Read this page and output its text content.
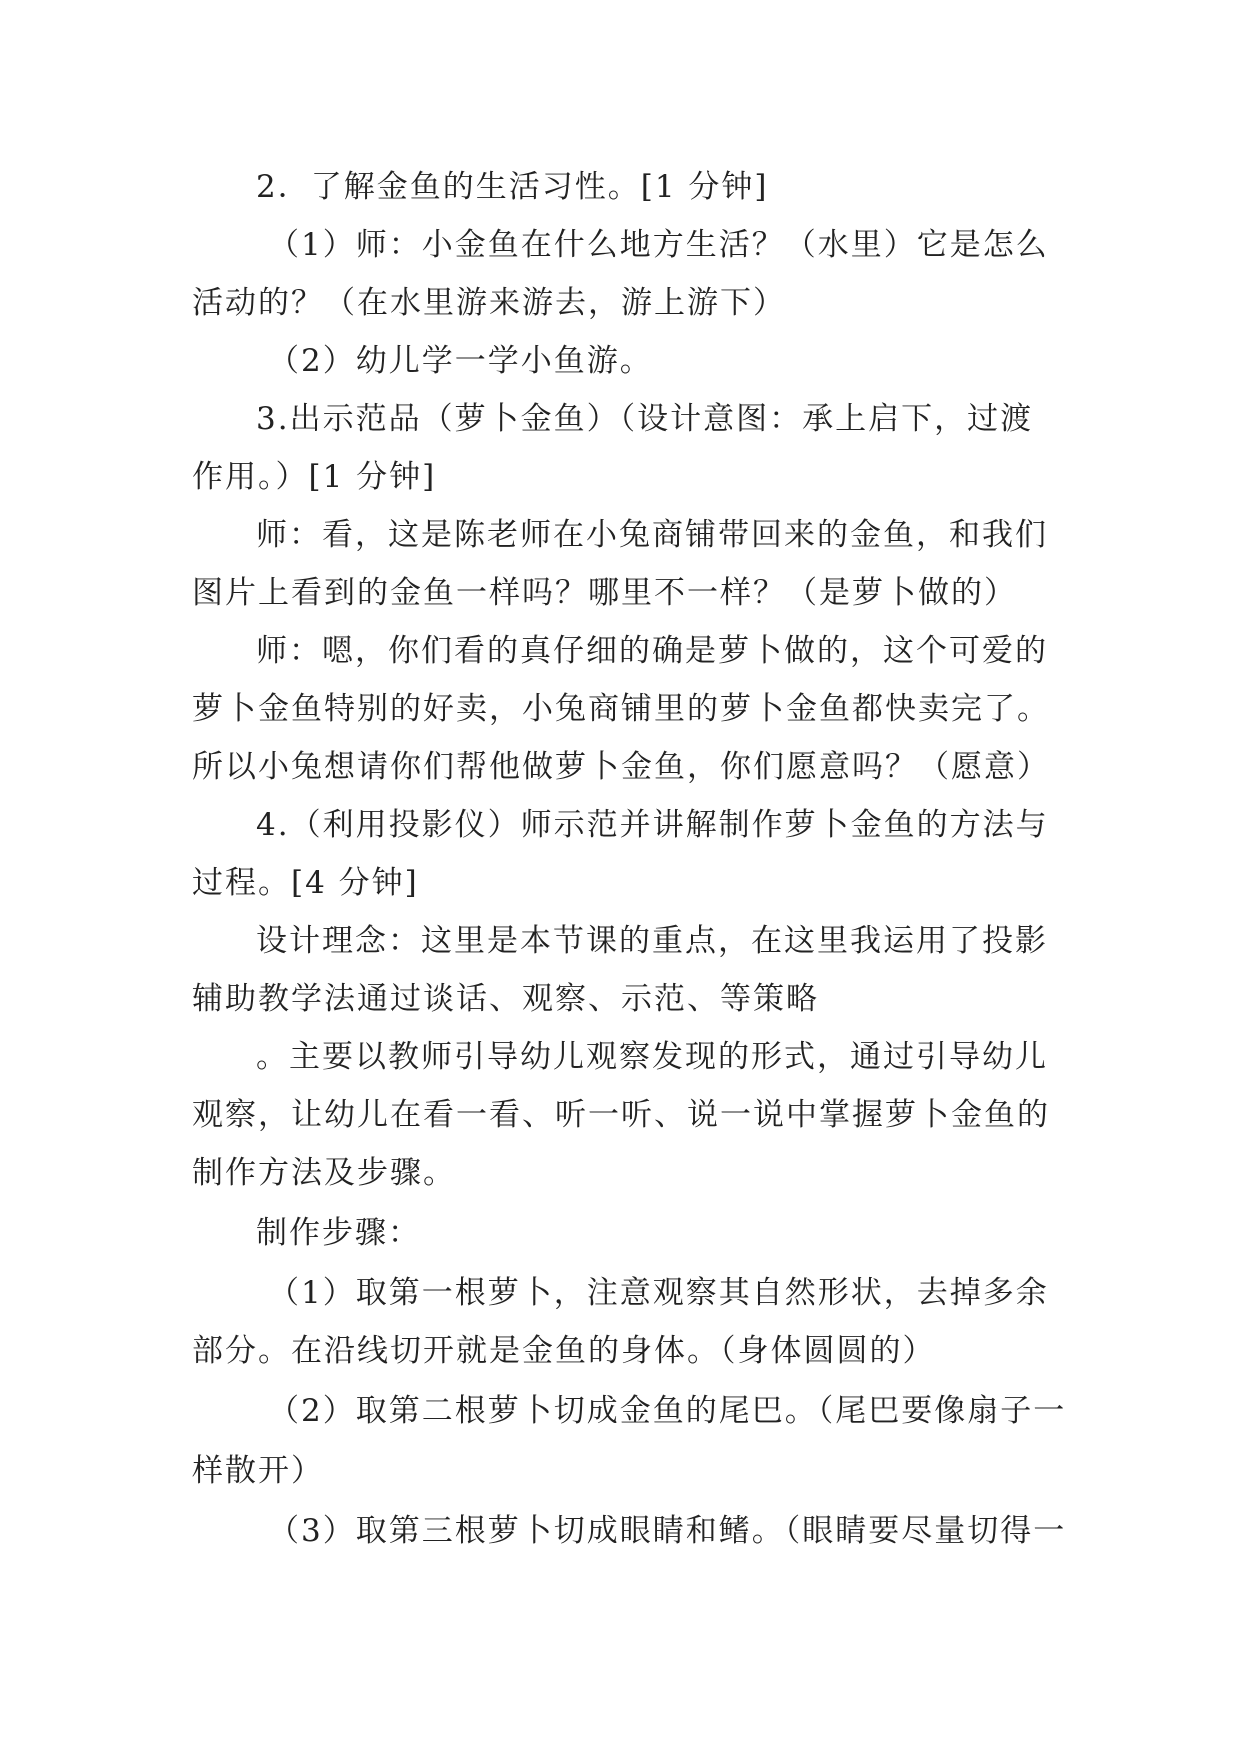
2．了解金鱼的生活习性。[1 分钟]
（1）师：小金鱼在什么地方生活？（水里）它是怎么
活动的？（在水里游来游去，游上游下）
（2）幼儿学一学小鱼游。
3.出示范品（萝卜金鱼）（设计意图：承上启下，过渡
作用。）[1 分钟]
师：看，这是陈老师在小兔商铺带回来的金鱼，和我们
图片上看到的金鱼一样吗？哪里不一样？（是萝卜做的）
师：嗯，你们看的真仔细的确是萝卜做的，这个可爱的
萝卜金鱼特别的好卖，小兔商铺里的萝卜金鱼都快卖完了。
所以小兔想请你们帮他做萝卜金鱼，你们愿意吗？（愿意）
4.（利用投影仪）师示范并讲解制作萝卜金鱼的方法与
过程。[4 分钟]
设计理念：这里是本节课的重点，在这里我运用了投影
辅助教学法通过谈话、观察、示范、等策略
。主要以教师引导幼儿观察发现的形式，通过引导幼儿
观察，让幼儿在看一看、听一听、说一说中掌握萝卜金鱼的
制作方法及步骤。
制作步骤：
（1）取第一根萝卜，注意观察其自然形状，去掉多余
部分。在沿线切开就是金鱼的身体。（身体圆圆的）
（2）取第二根萝卜切成金鱼的尾巴。（尾巴要像扇子一
样散开）
（3）取第三根萝卜切成眼睛和鳍。（眼睛要尽量切得一
